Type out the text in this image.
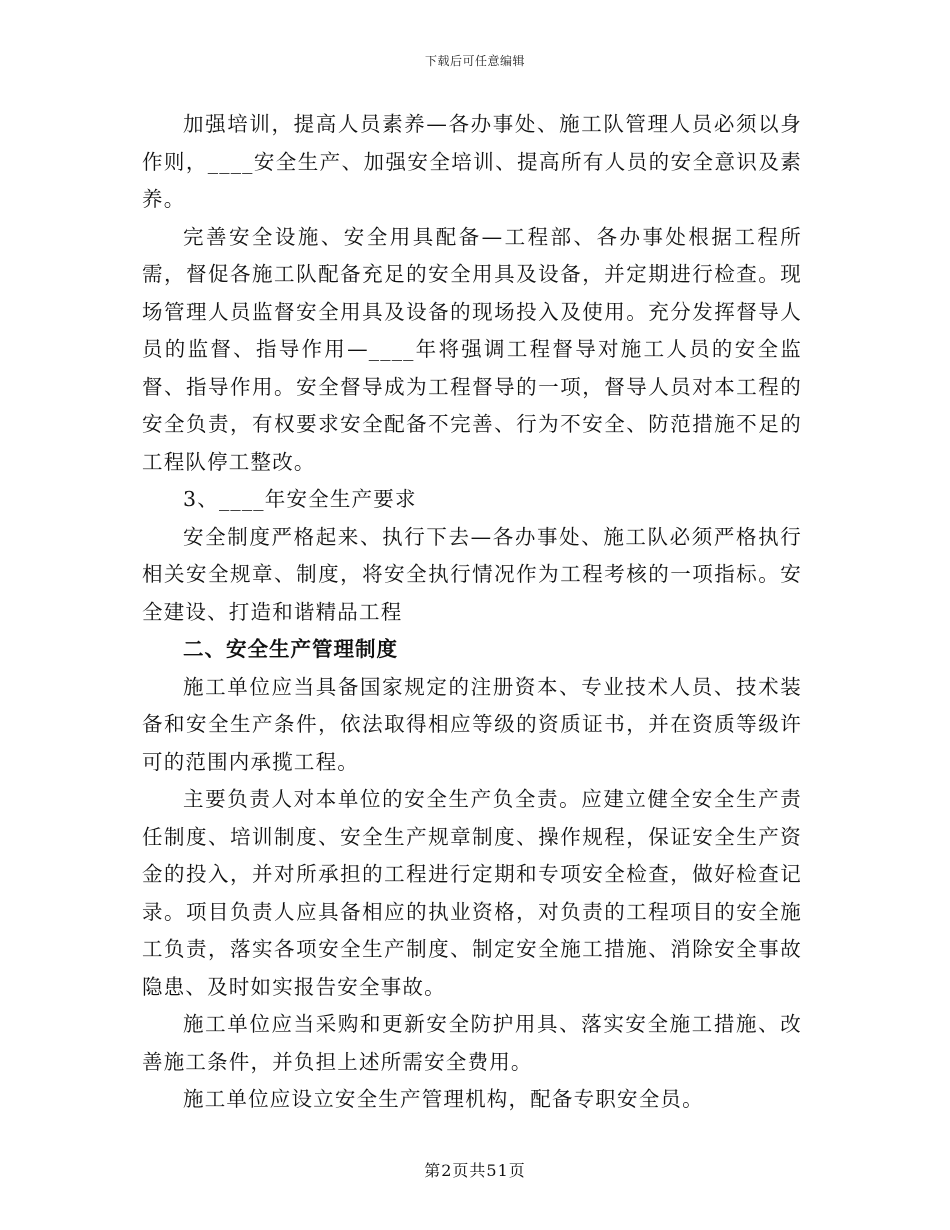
下载后可任意编辑

加强培训，提高人员素养—各办事处、施工队管理人员必须以身作则，____安全生产、加强安全培训、提高所有人员的安全意识及素养。

完善安全设施、安全用具配备—工程部、各办事处根据工程所需，督促各施工队配备充足的安全用具及设备，并定期进行检查。现场管理人员监督安全用具及设备的现场投入及使用。充分发挥督导人员的监督、指导作用—____年将强调工程督导对施工人员的安全监督、指导作用。安全督导成为工程督导的一项，督导人员对本工程的安全负责，有权要求安全配备不完善、行为不安全、防范措施不足的工程队停工整改。

3、____年安全生产要求

安全制度严格起来、执行下去—各办事处、施工队必须严格执行相关安全规章、制度，将安全执行情况作为工程考核的一项指标。安全建设、打造和谐精品工程

二、安全生产管理制度

施工单位应当具备国家规定的注册资本、专业技术人员、技术装备和安全生产条件，依法取得相应等级的资质证书，并在资质等级许可的范围内承揽工程。

主要负责人对本单位的安全生产负全责。应建立健全安全生产责任制度、培训制度、安全生产规章制度、操作规程，保证安全生产资金的投入，并对所承担的工程进行定期和专项安全检查，做好检查记录。项目负责人应具备相应的执业资格，对负责的工程项目的安全施工负责，落实各项安全生产制度、制定安全施工措施、消除安全事故隐患、及时如实报告安全事故。

施工单位应当采购和更新安全防护用具、落实安全施工措施、改善施工条件，并负担上述所需安全费用。

施工单位应设立安全生产管理机构，配备专职安全员。

第2页共51页
